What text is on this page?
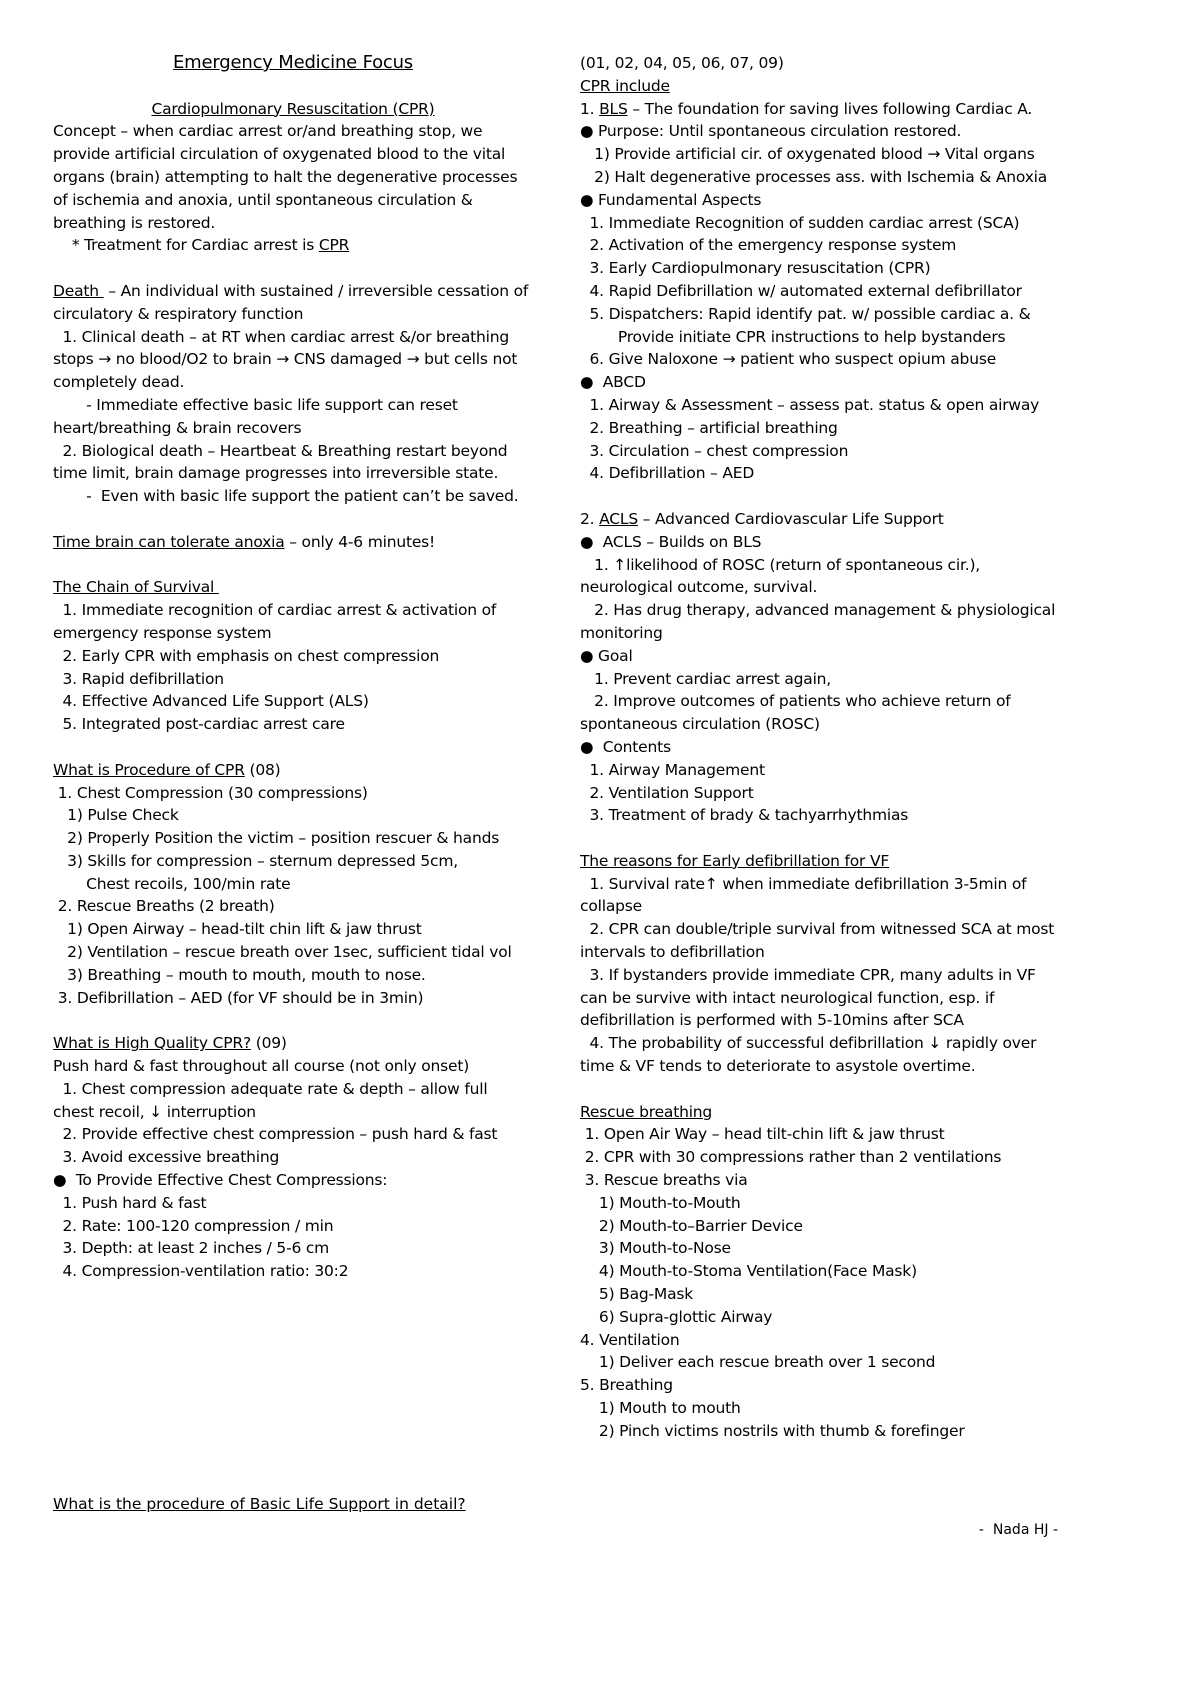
Emergency Medicine Focus
Cardiopulmonary Resuscitation (CPR)
Concept – when cardiac arrest or/and breathing stop, we
provide artificial circulation of oxygenated blood to the vital
organs (brain) attempting to halt the degenerative processes
of ischemia and anoxia, until spontaneous circulation &
breathing is restored.
* Treatment for Cardiac arrest is CPR
Death  – An individual with sustained / irreversible cessation of
circulatory & respiratory function
1. Clinical death – at RT when cardiac arrest &/or breathing
stops → no blood/O2 to brain → CNS damaged → but cells not
completely dead.
- Immediate effective basic life support can reset
heart/breathing & brain recovers
2. Biological death – Heartbeat & Breathing restart beyond
time limit, brain damage progresses into irreversible state.
-  Even with basic life support the patient can’t be saved.
Time brain can tolerate anoxia – only 4-6 minutes!
The Chain of Survival
1. Immediate recognition of cardiac arrest & activation of
emergency response system
2. Early CPR with emphasis on chest compression
3. Rapid defibrillation
4. Effective Advanced Life Support (ALS)
5. Integrated post-cardiac arrest care
What is Procedure of CPR (08)
1. Chest Compression (30 compressions)
1) Pulse Check
2) Properly Position the victim – position rescuer & hands
3) Skills for compression – sternum depressed 5cm,
Chest recoils, 100/min rate
2. Rescue Breaths (2 breath)
1) Open Airway – head-tilt chin lift & jaw thrust
2) Ventilation – rescue breath over 1sec, sufficient tidal vol
3) Breathing – mouth to mouth, mouth to nose.
3. Defibrillation – AED (for VF should be in 3min)
What is High Quality CPR? (09)
Push hard & fast throughout all course (not only onset)
1. Chest compression adequate rate & depth – allow full
chest recoil, ↓ interruption
2. Provide effective chest compression – push hard & fast
3. Avoid excessive breathing
●  To Provide Effective Chest Compressions:
1. Push hard & fast
2. Rate: 100-120 compression / min
3. Depth: at least 2 inches / 5-6 cm
4. Compression-ventilation ratio: 30:2
What is the procedure of Basic Life Support in detail?
(01, 02, 04, 05, 06, 07, 09)
CPR include
1. BLS – The foundation for saving lives following Cardiac A.
● Purpose: Until spontaneous circulation restored.
1) Provide artificial cir. of oxygenated blood → Vital organs
2) Halt degenerative processes ass. with Ischemia & Anoxia
● Fundamental Aspects
1. Immediate Recognition of sudden cardiac arrest (SCA)
2. Activation of the emergency response system
3. Early Cardiopulmonary resuscitation (CPR)
4. Rapid Defibrillation w/ automated external defibrillator
5. Dispatchers: Rapid identify pat. w/ possible cardiac a. &
Provide initiate CPR instructions to help bystanders
6. Give Naloxone → patient who suspect opium abuse
●  ABCD
1. Airway & Assessment – assess pat. status & open airway
2. Breathing – artificial breathing
3. Circulation – chest compression
4. Defibrillation – AED
2. ACLS – Advanced Cardiovascular Life Support
●  ACLS – Builds on BLS
1. ↑likelihood of ROSC (return of spontaneous cir.),
neurological outcome, survival.
2. Has drug therapy, advanced management & physiological
monitoring
● Goal
1. Prevent cardiac arrest again,
2. Improve outcomes of patients who achieve return of
spontaneous circulation (ROSC)
●  Contents
1. Airway Management
2. Ventilation Support
3. Treatment of brady & tachyarrhythmias
The reasons for Early defibrillation for VF
1. Survival rate↑ when immediate defibrillation 3-5min of
collapse
2. CPR can double/triple survival from witnessed SCA at most
intervals to defibrillation
3. If bystanders provide immediate CPR, many adults in VF
can be survive with intact neurological function, esp. if
defibrillation is performed with 5-10mins after SCA
4. The probability of successful defibrillation ↓ rapidly over
time & VF tends to deteriorate to asystole overtime.
Rescue breathing
1. Open Air Way – head tilt-chin lift & jaw thrust
2. CPR with 30 compressions rather than 2 ventilations
3. Rescue breaths via
1) Mouth-to-Mouth
2) Mouth-to–Barrier Device
3) Mouth-to-Nose
4) Mouth-to-Stoma Ventilation(Face Mask)
5) Bag-Mask
6) Supra-glottic Airway
4. Ventilation
1) Deliver each rescue breath over 1 second
5. Breathing
1) Mouth to mouth
2) Pinch victims nostrils with thumb & forefinger
-  Nada HJ -
